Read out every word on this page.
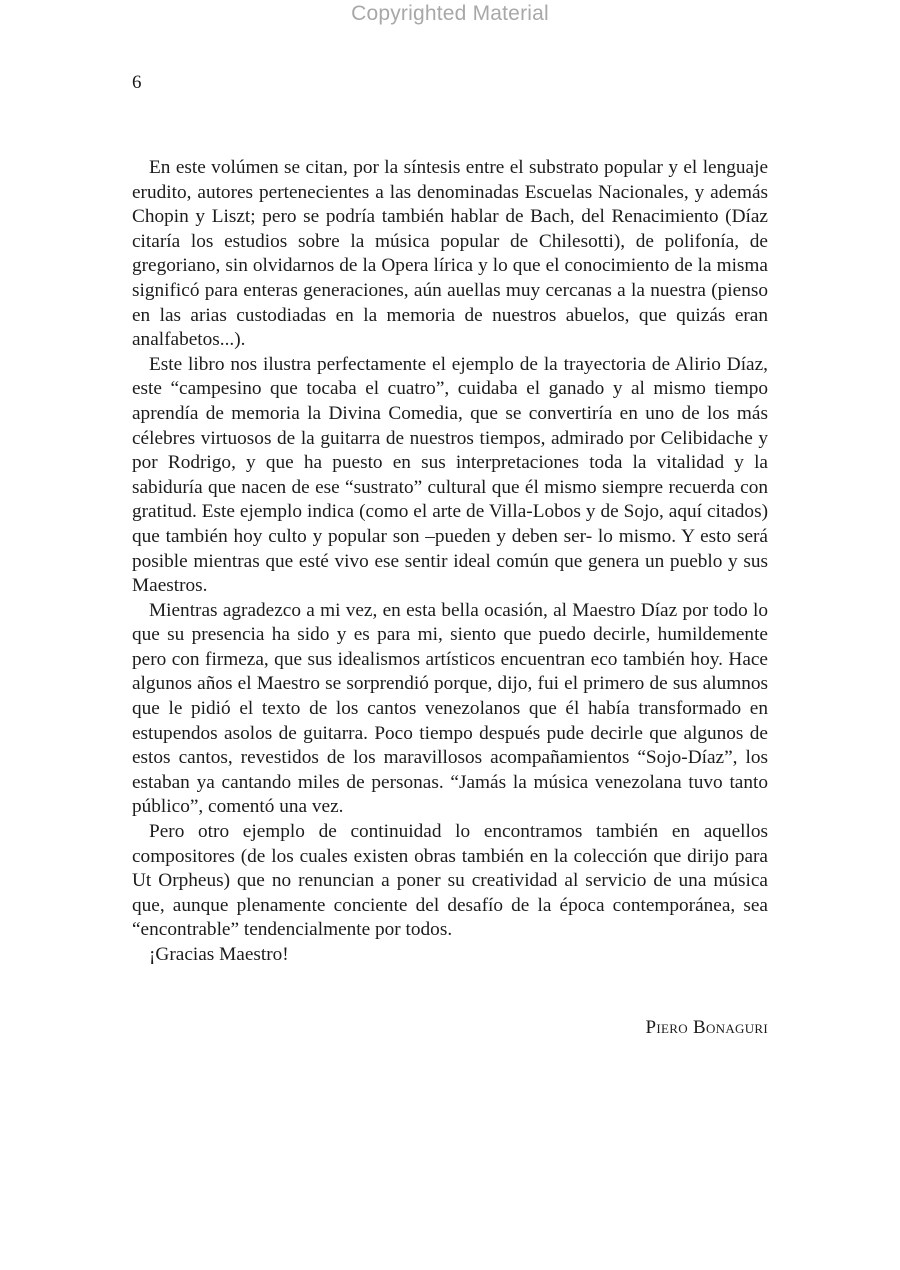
Copyrighted Material
6

En este volúmen se citan, por la síntesis entre el substrato popular y el lenguaje erudito, autores pertenecientes a las denominadas Escuelas Nacionales, y además Chopin y Liszt; pero se podría también hablar de Bach, del Renacimiento (Díaz citaría los estudios sobre la música popular de Chilesotti), de polifonía, de gregoriano, sin olvidarnos de la Opera lírica y lo que el conocimiento de la misma significó para enteras generaciones, aún auellas muy cercanas a la nuestra (pienso en las arias custodiadas en la memoria de nuestros abuelos, que quizás eran analfabetos...).

Este libro nos ilustra perfectamente el ejemplo de la trayectoria de Alirio Díaz, este “campesino que tocaba el cuatro”, cuidaba el ganado y al mismo tiempo aprendía de memoria la Divina Comedia, que se convertiría en uno de los más célebres virtuosos de la guitarra de nuestros tiempos, admirado por Celibidache y por Rodrigo, y que ha puesto en sus interpretaciones toda la vitalidad y la sabiduría que nacen de ese “sustrato” cultural que él mismo siempre recuerda con gratitud. Este ejemplo indica (como el arte de Villa-Lobos y de Sojo, aquí citados) que también hoy culto y popular son –pueden y deben ser- lo mismo. Y esto será posible mientras que esté vivo ese sentir ideal común que genera un pueblo y sus Maestros.

Mientras agradezco a mi vez, en esta bella ocasión, al Maestro Díaz por todo lo que su presencia ha sido y es para mi, siento que puedo decirle, humildemente pero con firmeza, que sus idealismos artísticos encuentran eco también hoy. Hace algunos años el Maestro se sorprendió porque, dijo, fui el primero de sus alumnos que le pidió el texto de los cantos venezolanos que él había transformado en estupendos asolos de guitarra. Poco tiempo después pude decirle que algunos de estos cantos, revestidos de los maravillosos acompañamientos “Sojo-Díaz”, los estaban ya cantando miles de personas. “Jamás la música venezolana tuvo tanto público”, comentó una vez.

Pero otro ejemplo de continuidad lo encontramos también en aquellos compositores (de los cuales existen obras también en la colección que dirijo para Ut Orpheus) que no renuncian a poner su creatividad al servicio de una música que, aunque plenamente conciente del desafío de la época contemporánea, sea “encontrable” tendencialmente por todos.

¡Gracias Maestro!

Piero Bonaguri
